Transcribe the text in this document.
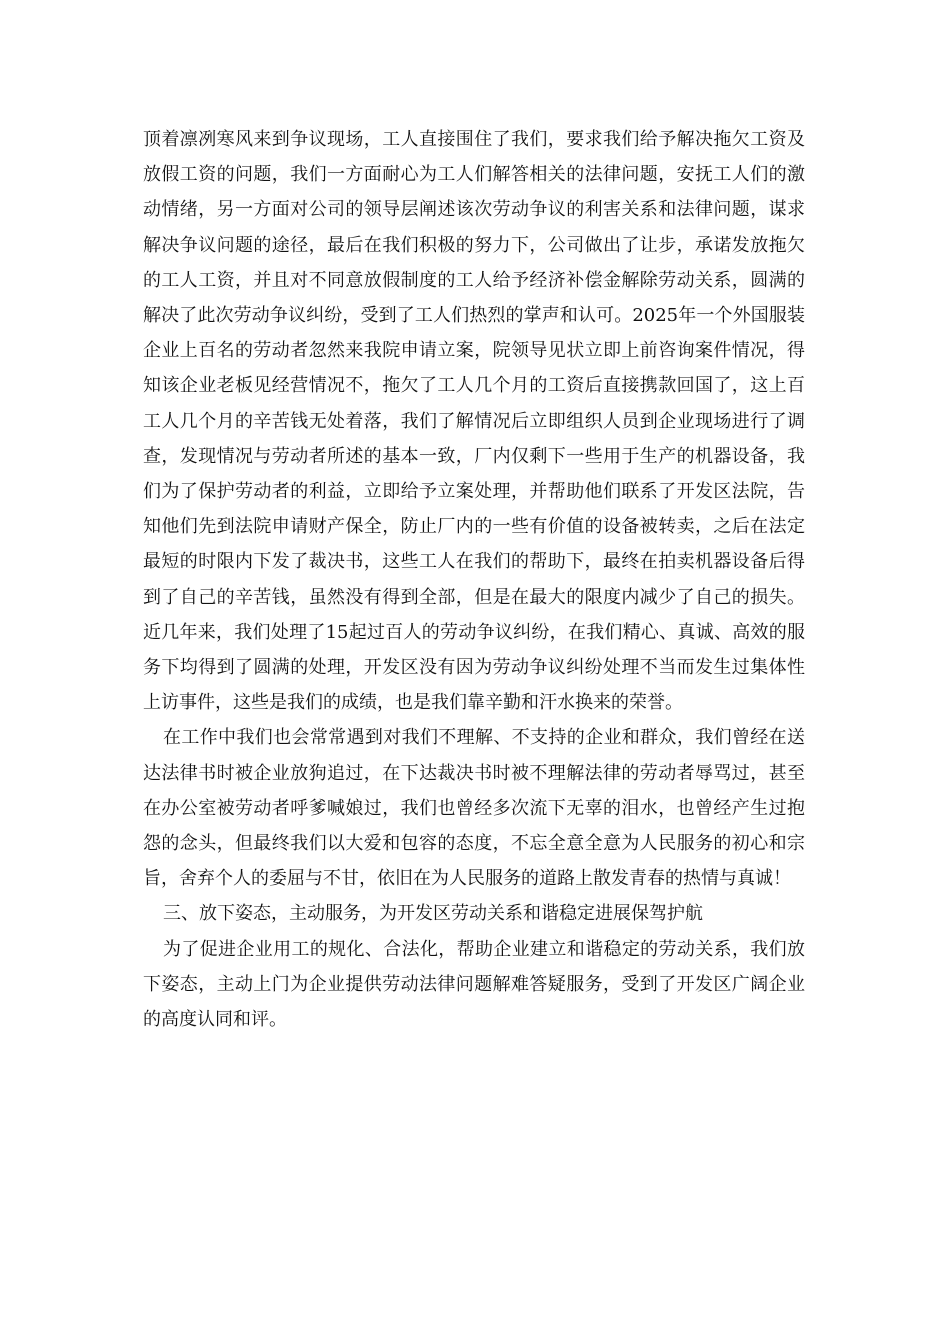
顶着凛冽寒风来到争议现场，工人直接围住了我们，要求我们给予解决拖欠工资及放假工资的问题，我们一方面耐心为工人们解答相关的法律问题，安抚工人们的激动情绪，另一方面对公司的领导层阐述该次劳动争议的利害关系和法律问题，谋求解决争议问题的途径，最后在我们积极的努力下，公司做出了让步，承诺发放拖欠的工人工资，并且对不同意放假制度的工人给予经济补偿金解除劳动关系，圆满的解决了此次劳动争议纠纷，受到了工人们热烈的掌声和认可。2025年一个外国服装企业上百名的劳动者忽然来我院申请立案，院领导见状立即上前咨询案件情况，得知该企业老板见经营情况不，拖欠了工人几个月的工资后直接携款回国了，这上百工人几个月的辛苦钱无处着落，我们了解情况后立即组织人员到企业现场进行了调查，发现情况与劳动者所述的基本一致，厂内仅剩下一些用于生产的机器设备，我们为了保护劳动者的利益，立即给予立案处理，并帮助他们联系了开发区法院，告知他们先到法院申请财产保全，防止厂内的一些有价值的设备被转卖，之后在法定最短的时限内下发了裁决书，这些工人在我们的帮助下，最终在拍卖机器设备后得到了自己的辛苦钱，虽然没有得到全部，但是在最大的限度内减少了自己的损失。近几年来，我们处理了15起过百人的劳动争议纠纷，在我们精心、真诚、高效的服务下均得到了圆满的处理，开发区没有因为劳动争议纠纷处理不当而发生过集体性上访事件，这些是我们的成绩，也是我们靠辛勤和汗水换来的荣誉。

在工作中我们也会常常遇到对我们不理解、不支持的企业和群众，我们曾经在送达法律书时被企业放狗追过，在下达裁决书时被不理解法律的劳动者辱骂过，甚至在办公室被劳动者呼爹喊娘过，我们也曾经多次流下无辜的泪水，也曾经产生过抱怨的念头，但最终我们以大爱和包容的态度，不忘全意全意为人民服务的初心和宗旨，舍弃个人的委屈与不甘，依旧在为人民服务的道路上散发青春的热情与真诚！

三、放下姿态，主动服务，为开发区劳动关系和谐稳定进展保驾护航

为了促进企业用工的规化、合法化，帮助企业建立和谐稳定的劳动关系，我们放下姿态，主动上门为企业提供劳动法律问题解难答疑服务，受到了开发区广阔企业的高度认同和评。
